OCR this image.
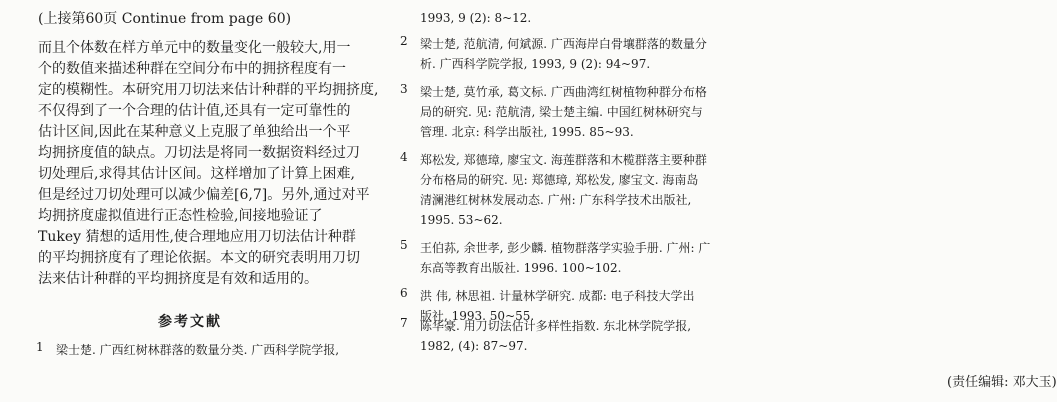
(上接第60页 Continue from page 60)
而且个体数在样方单元中的数量变化一般较大,用一
个的数值来描述种群在空间分布中的拥挤程度有一
定的模糊性。本研究用刀切法来估计种群的平均拥挤度,
不仅得到了一个合理的估计值,还具有一定可靠性的
估计区间,因此在某种意义上克服了单独给出一个平
均拥挤度值的缺点。刀切法是将同一数据资料经过刀
切处理后,求得其估计区间。这样增加了计算上困难,
但是经过刀切处理可以减少偏差[6,7]。另外,通过对平
均拥挤度虚拟值进行正态性检验,间接地验证了
Tukey 猜想的适用性,使合理地应用刀切法估计种群
的平均拥挤度有了理论依据。本文的研究表明用刀切
法来估计种群的平均拥挤度是有效和适用的。
参考文献
1	梁士楚. 广西红树林群落的数量分类. 广西科学院学报,
1993, 9 (2): 8~12.
2	梁士楚, 范航清, 何斌源. 广西海岸白骨壤群落的数量分
析. 广西科学院学报, 1993, 9 (2): 94~97.
3	梁士楚, 莫竹承, 葛文标. 广西曲湾红树植物种群分布格
局的研究. 见: 范航清, 梁士楚主编. 中国红树林研究与
管理. 北京: 科学出版社, 1995. 85~93.
4	郑松发, 郑德璋, 廖宝文. 海莲群落和木榄群落主要种群
分布格局的研究. 见: 郑德璋, 郑松发, 廖宝文. 海南岛
清澜港红树林发展动态. 广州: 广东科学技术出版社,
1995. 53~62.
5	王伯荪, 余世孝, 彭少麟. 植物群落学实验手册. 广州: 广
东高等教育出版社. 1996. 100~102.
6	洪 伟, 林思祖. 计量林学研究. 成都: 电子科技大学出
版社, 1993. 50~55.
7	陈华豪. 用刀切法估计多样性指数. 东北林学院学报,
1982, (4): 87~97.
(责任编辑: 邓大玉)
